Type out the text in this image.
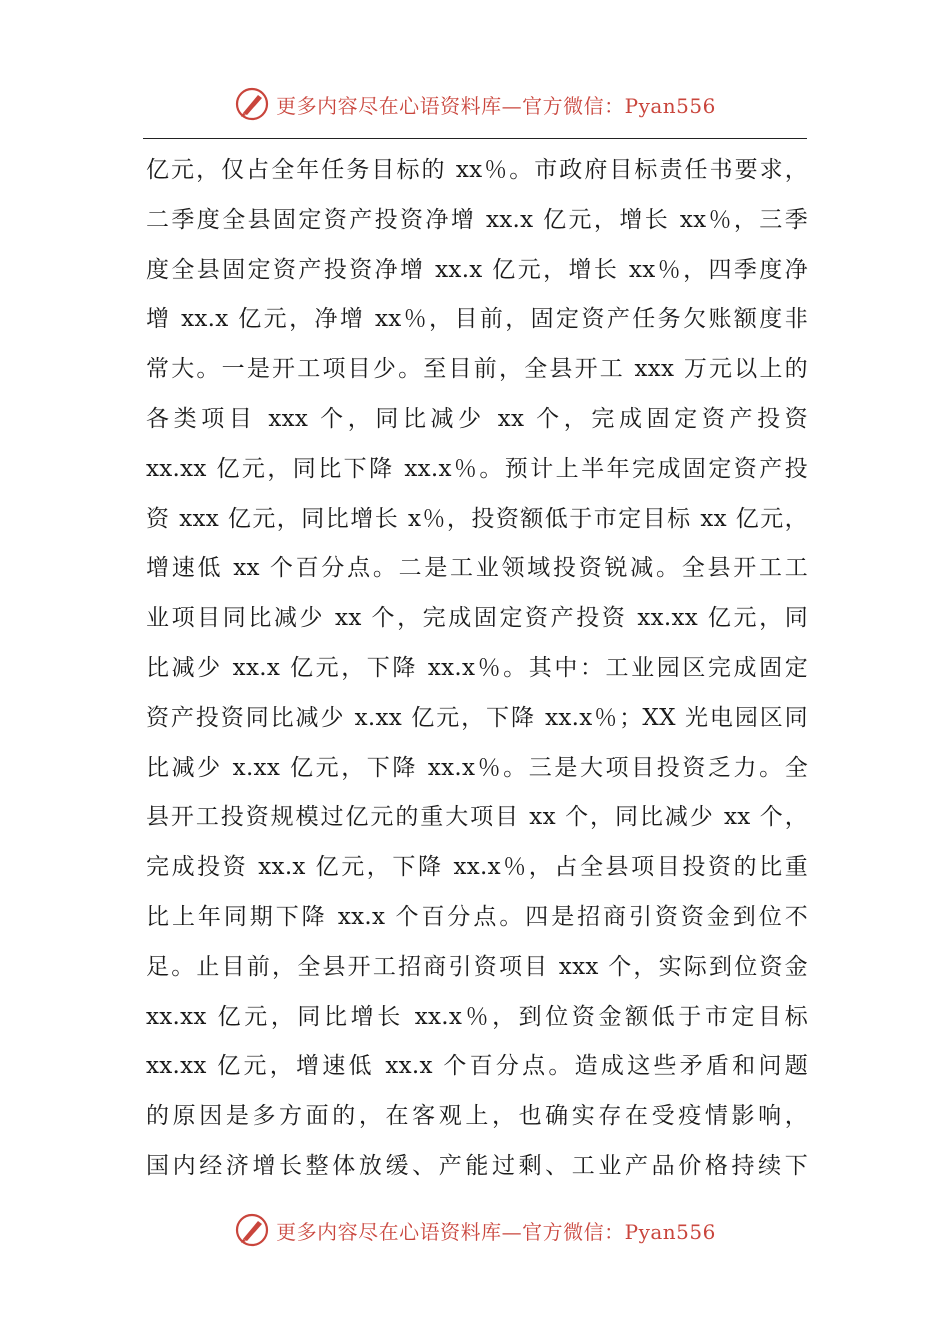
更多内容尽在心语资料库—官方微信：Pyan556
亿元，仅占全年任务目标的 xx％。市政府目标责任书要求，
二季度全县固定资产投资净增 xx.x 亿元，增长 xx％，三季
度全县固定资产投资净增 xx.x 亿元，增长 xx％，四季度净
增 xx.x 亿元，净增 xx％，目前，固定资产任务欠账额度非
常大。一是开工项目少。至目前，全县开工 xxx 万元以上的
各类项目 xxx 个，同比减少 xx 个，完成固定资产投资
xx.xx 亿元，同比下降 xx.x％。预计上半年完成固定资产投
资 xxx 亿元，同比增长 x％，投资额低于市定目标 xx 亿元，
增速低 xx 个百分点。二是工业领域投资锐减。全县开工工
业项目同比减少 xx 个，完成固定资产投资 xx.xx 亿元，同
比减少 xx.x 亿元，下降 xx.x％。其中：工业园区完成固定
资产投资同比减少 x.xx 亿元，下降 xx.x％；XX 光电园区同
比减少 x.xx 亿元，下降 xx.x％。三是大项目投资乏力。全
县开工投资规模过亿元的重大项目 xx 个，同比减少 xx 个，
完成投资 xx.x 亿元，下降 xx.x％，占全县项目投资的比重
比上年同期下降 xx.x 个百分点。四是招商引资资金到位不
足。止目前，全县开工招商引资项目 xxx 个，实际到位资金
xx.xx 亿元，同比增长 xx.x％，到位资金额低于市定目标
xx.xx 亿元，增速低 xx.x 个百分点。造成这些矛盾和问题
的原因是多方面的，在客观上，也确实存在受疫情影响，
国内经济增长整体放缓、产能过剩、工业产品价格持续下
更多内容尽在心语资料库—官方微信：Pyan556
